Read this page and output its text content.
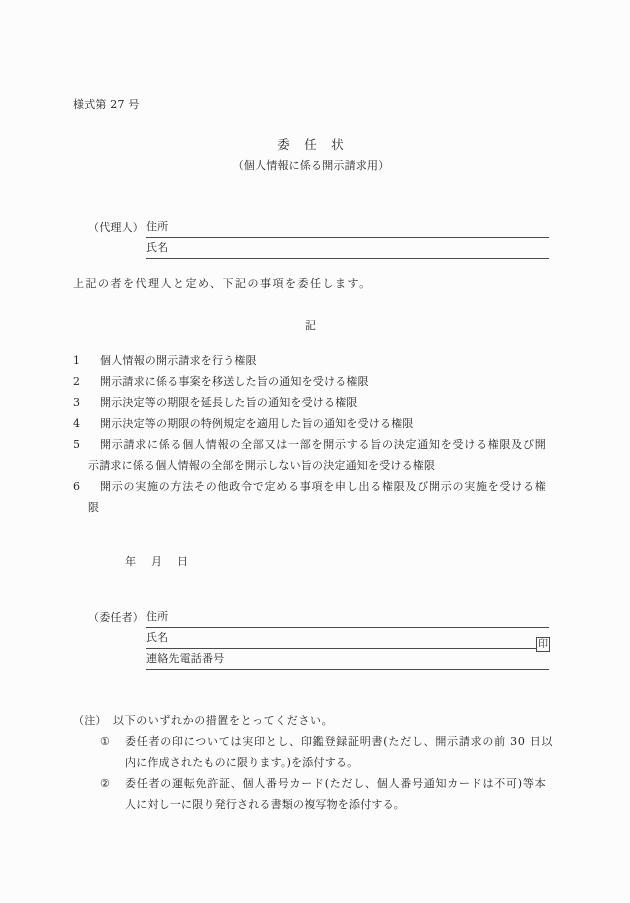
様式第 27 号
委　任　状
（個人情報に係る開示請求用）
（代理人） 住所
氏名
上記の者を代理人と定め、下記の事項を委任します。
記
1	個人情報の開示請求を行う権限
2	開示請求に係る事案を移送した旨の通知を受ける権限
3	開示決定等の期限を延長した旨の通知を受ける権限
4	開示決定等の期限の特例規定を適用した旨の通知を受ける権限
5	開示請求に係る個人情報の全部又は一部を開示する旨の決定通知を受ける権限及び開
示請求に係る個人情報の全部を開示しない旨の決定通知を受ける権限
6	開示の実施の方法その他政令で定める事項を申し出る権限及び開示の実施を受ける権
限
年　月　日
（委任者） 住所
氏名
印
連絡先電話番号
（注） 以下のいずれかの措置をとってください。
① 委任者の印については実印とし、印鑑登録証明書(ただし、開示請求の前 30 日以
内に作成されたものに限ります。)を添付する。
② 委任者の運転免許証、個人番号カード(ただし、個人番号通知カードは不可)等本
人に対し一に限り発行される書類の複写物を添付する。
